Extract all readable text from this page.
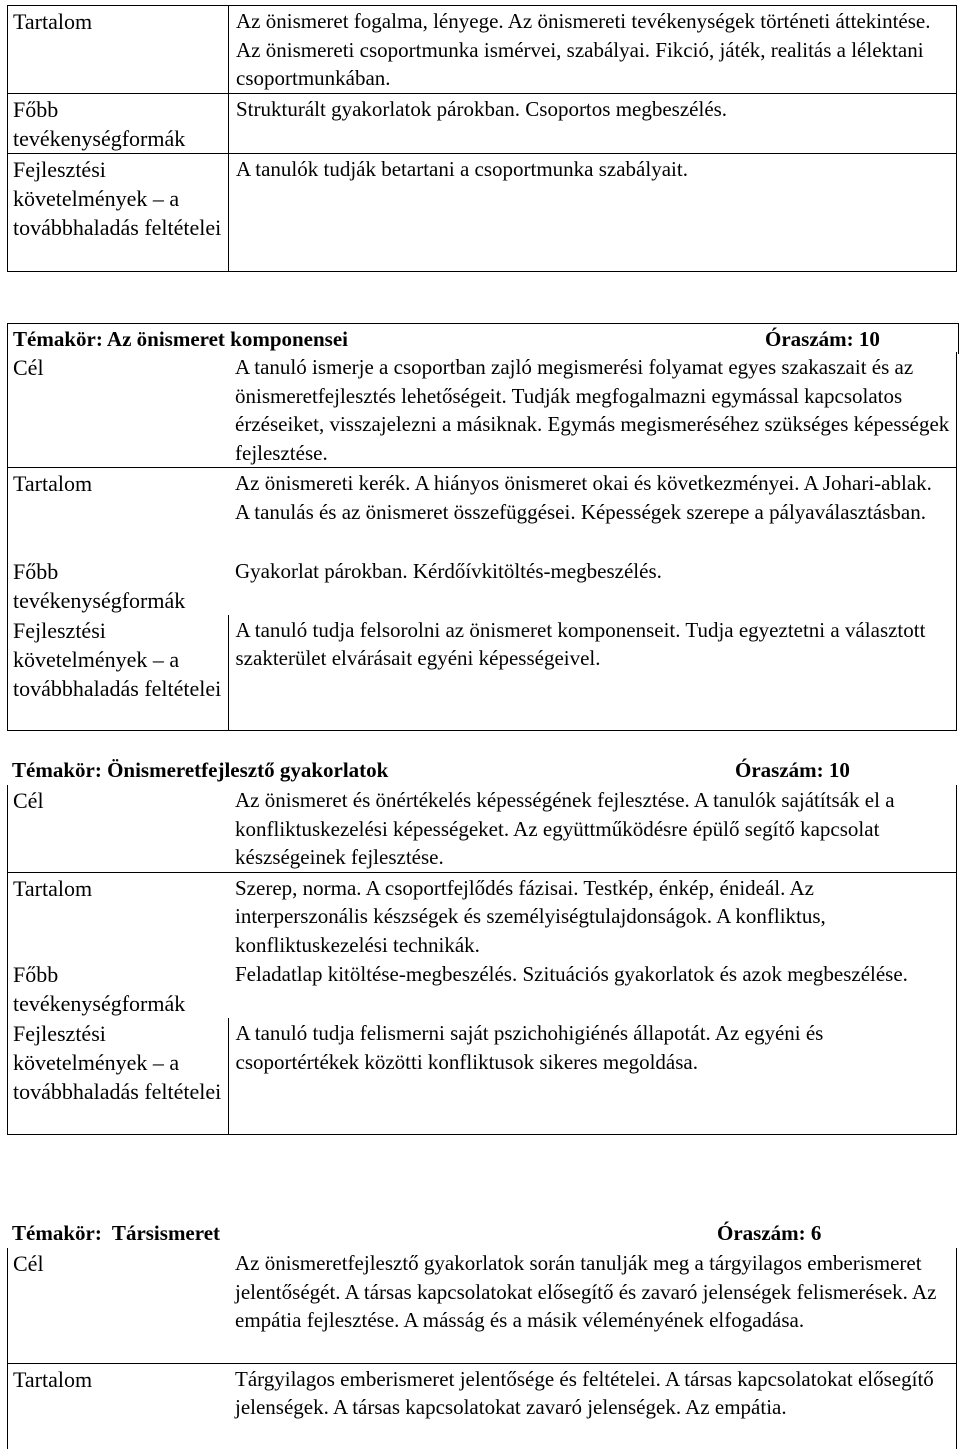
Tartalom	Az önismeret fogalma, lényege. Az önismereti tevékenységek történeti áttekintése. Az önismereti csoportmunka ismérvei, szabályai. Fikció, játék, realitás a lélektani csoportmunkában.
Főbb tevékenységformák	Strukturált gyakorlatok párokban. Csoportos megbeszélés.
Fejlesztési követelmények – a továbbhaladás feltételei	A tanulók tudják betartani a csoportmunka szabályait.
Témakör: Az önismeret komponensei	Óraszám: 10
Cél	A tanuló ismerje a csoportban zajló megismerési folyamat egyes szakaszait és az önismeretfejlesztés lehetőségeit. Tudják megfogalmazni egymással kapcsolatos érzéseiket, visszajelezni a másiknak. Egymás megismeréséhez szükséges képességek fejlesztése.
Tartalom	Az önismereti kerék. A hiányos önismeret okai és következményei. A Johari-ablak. A tanulás és az önismeret összefüggései. Képességek szerepe a pályaválasztásban.
Főbb tevékenységformák	Gyakorlat párokban. Kérdőívkitöltés-megbeszélés.
Fejlesztési követelmények – a továbbhaladás feltételei	A tanuló tudja felsorolni az önismeret komponenseit. Tudja egyeztetni a választott szakterület elvárásait egyéni képességeivel.
Témakör: Önismeretfejlesztő gyakorlatok	Óraszám: 10
Cél	Az önismeret és önértékelés képességének fejlesztése. A tanulók sajátítsák el a konfliktuskezelési képességeket. Az együttműködésre épülő segítő kapcsolat készségeinek fejlesztése.
Tartalom	Szerep, norma. A csoportfejlődés fázisai. Testkép, énkép, énideál. Az interperszonális készségek és személyiségtulajdonságok. A konfliktus, konfliktuskezelési technikák.
Főbb tevékenységformák	Feladatlap kitöltése-megbeszélés. Szituációs gyakorlatok és azok megbeszélése.
Fejlesztési követelmények – a továbbhaladás feltételei	A tanuló tudja felismerni saját pszichohigiénés állapotát. Az egyéni és csoportértékek közötti konfliktusok sikeres megoldása.
Témakör:  Társismeret	Óraszám: 6
Cél	Az önismeretfejlesztő gyakorlatok során tanulják meg a tárgyilagos emberismeret jelentőségét. A társas kapcsolatokat elősegítő és zavaró jelenségek felismerések. Az empátia fejlesztése. A másság és a másik véleményének elfogadása.
Tartalom	Tárgyilagos emberismeret jelentősége és feltételei. A társas kapcsolatokat elősegítő jelenségek. A társas kapcsolatokat zavaró jelenségek. Az empátia.
